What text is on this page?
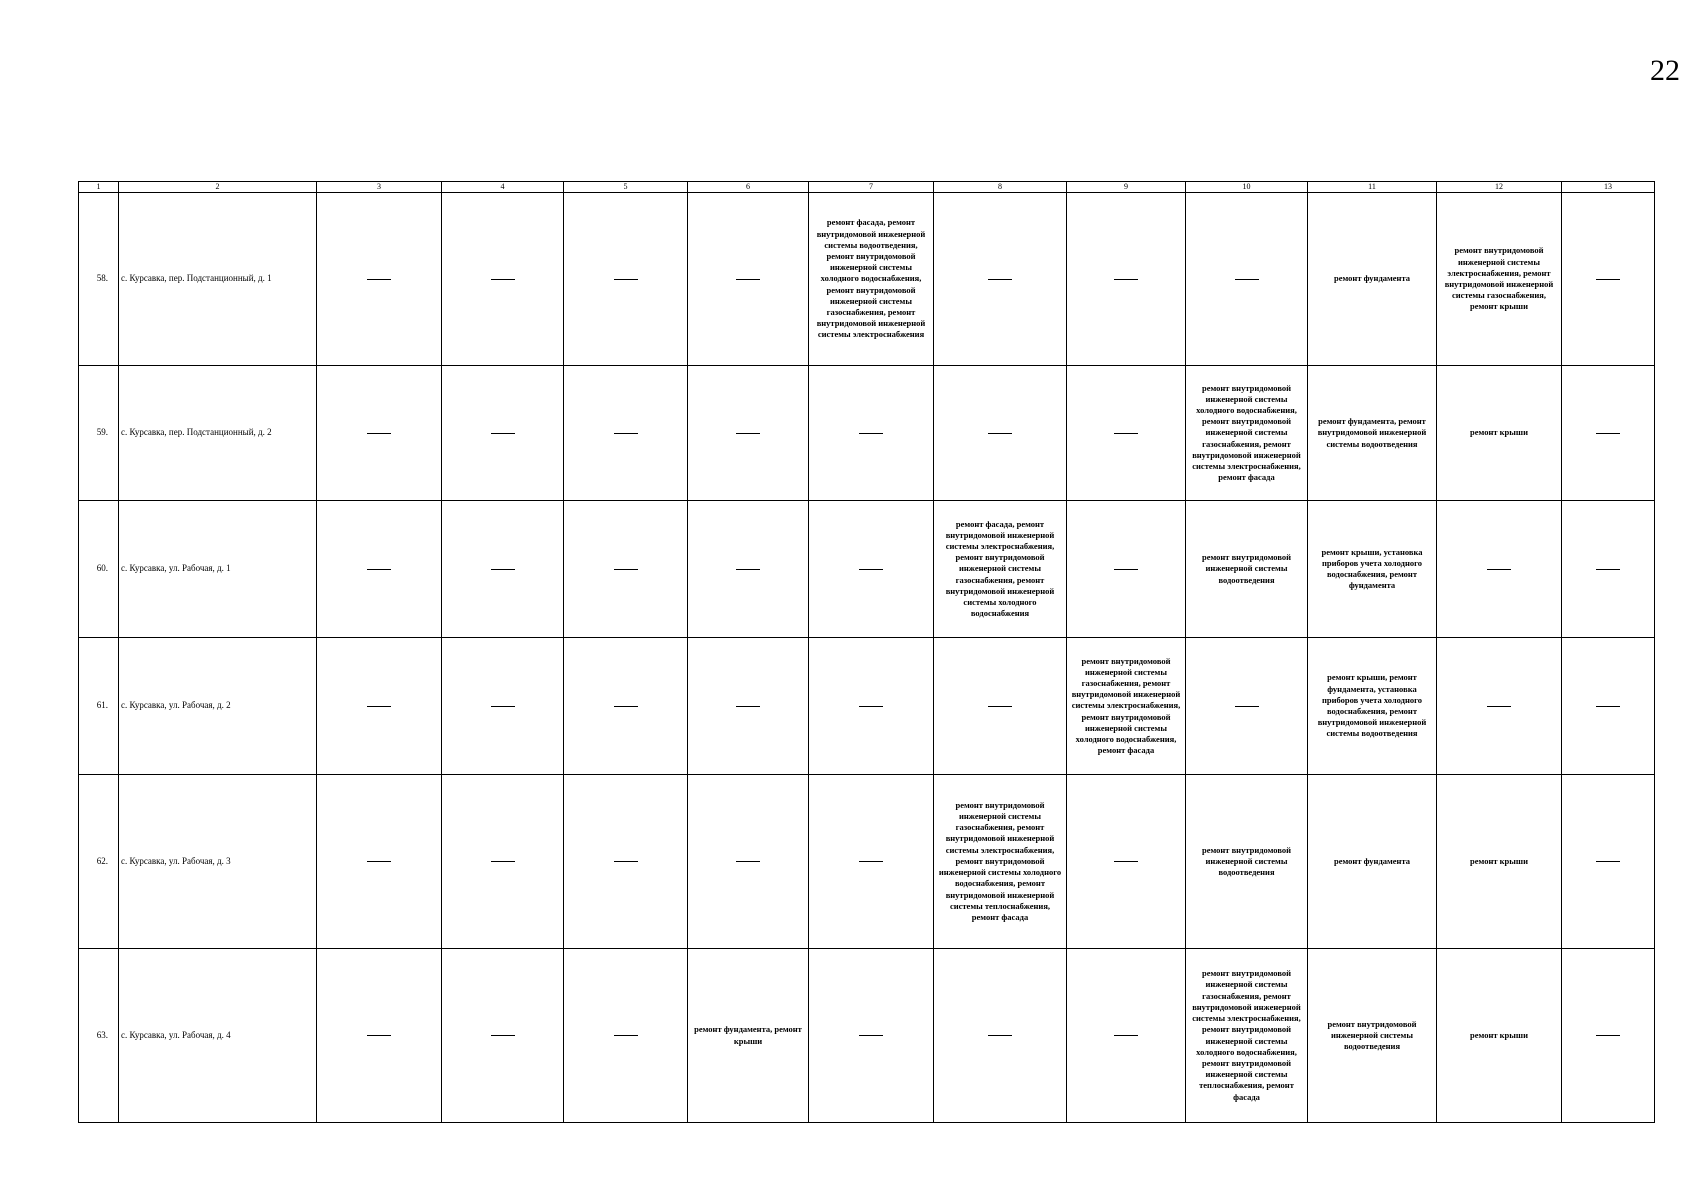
22
1	2	3	4	5	6	7	8	9	10	11	12	13
58.	с. Курсавка, пер. Подстанционный, д. 1					ремонт фасада, ремонт внутридомовой инженерной системы водоотведения, ремонт внутридомовой инженерной системы холодного водоснабжения, ремонт внутридомовой инженерной системы газоснабжения, ремонт внутридомовой инженерной системы электроснабжения				ремонт фундамента	ремонт внутридомовой инженерной системы электроснабжения, ремонт внутридомовой инженерной системы газоснабжения, ремонт крыши	
59.	с. Курсавка, пер. Подстанционный, д. 2								ремонт внутридомовой инженерной системы холодного водоснабжения, ремонт внутридомовой инженерной системы газоснабжения, ремонт внутридомовой инженерной системы электроснабжения, ремонт фасада	ремонт фундамента, ремонт внутридомовой инженерной системы водоотведения	ремонт крыши	
60.	с. Курсавка, ул. Рабочая, д. 1						ремонт фасада, ремонт внутридомовой инженерной системы электроснабжения, ремонт внутридомовой инженерной системы газоснабжения, ремонт внутридомовой инженерной системы холодного водоснабжения		ремонт внутридомовой инженерной системы водоотведения	ремонт крыши, установка приборов учета холодного водоснабжения, ремонт фундамента		
61.	с. Курсавка, ул. Рабочая, д. 2							ремонт внутридомовой инженерной системы газоснабжения, ремонт внутридомовой инженерной системы электроснабжения, ремонт внутридомовой инженерной системы холодного водоснабжения, ремонт фасада		ремонт крыши, ремонт фундамента, установка приборов учета холодного водоснабжения, ремонт внутридомовой инженерной системы водоотведения		
62.	с. Курсавка, ул. Рабочая, д. 3						ремонт внутридомовой инженерной системы газоснабжения, ремонт внутридомовой инженерной системы электроснабжения, ремонт внутридомовой инженерной системы холодного водоснабжения, ремонт внутридомовой инженерной системы теплоснабжения, ремонт фасада		ремонт внутридомовой инженерной системы водоотведения	ремонт фундамента	ремонт крыши	
63.	с. Курсавка, ул. Рабочая, д. 4				ремонт фундамента, ремонт крыши				ремонт внутридомовой инженерной системы газоснабжения, ремонт внутридомовой инженерной системы электроснабжения, ремонт внутридомовой инженерной системы холодного водоснабжения, ремонт внутридомовой инженерной системы теплоснабжения, ремонт фасада	ремонт внутридомовой инженерной системы водоотведения	ремонт крыши	
